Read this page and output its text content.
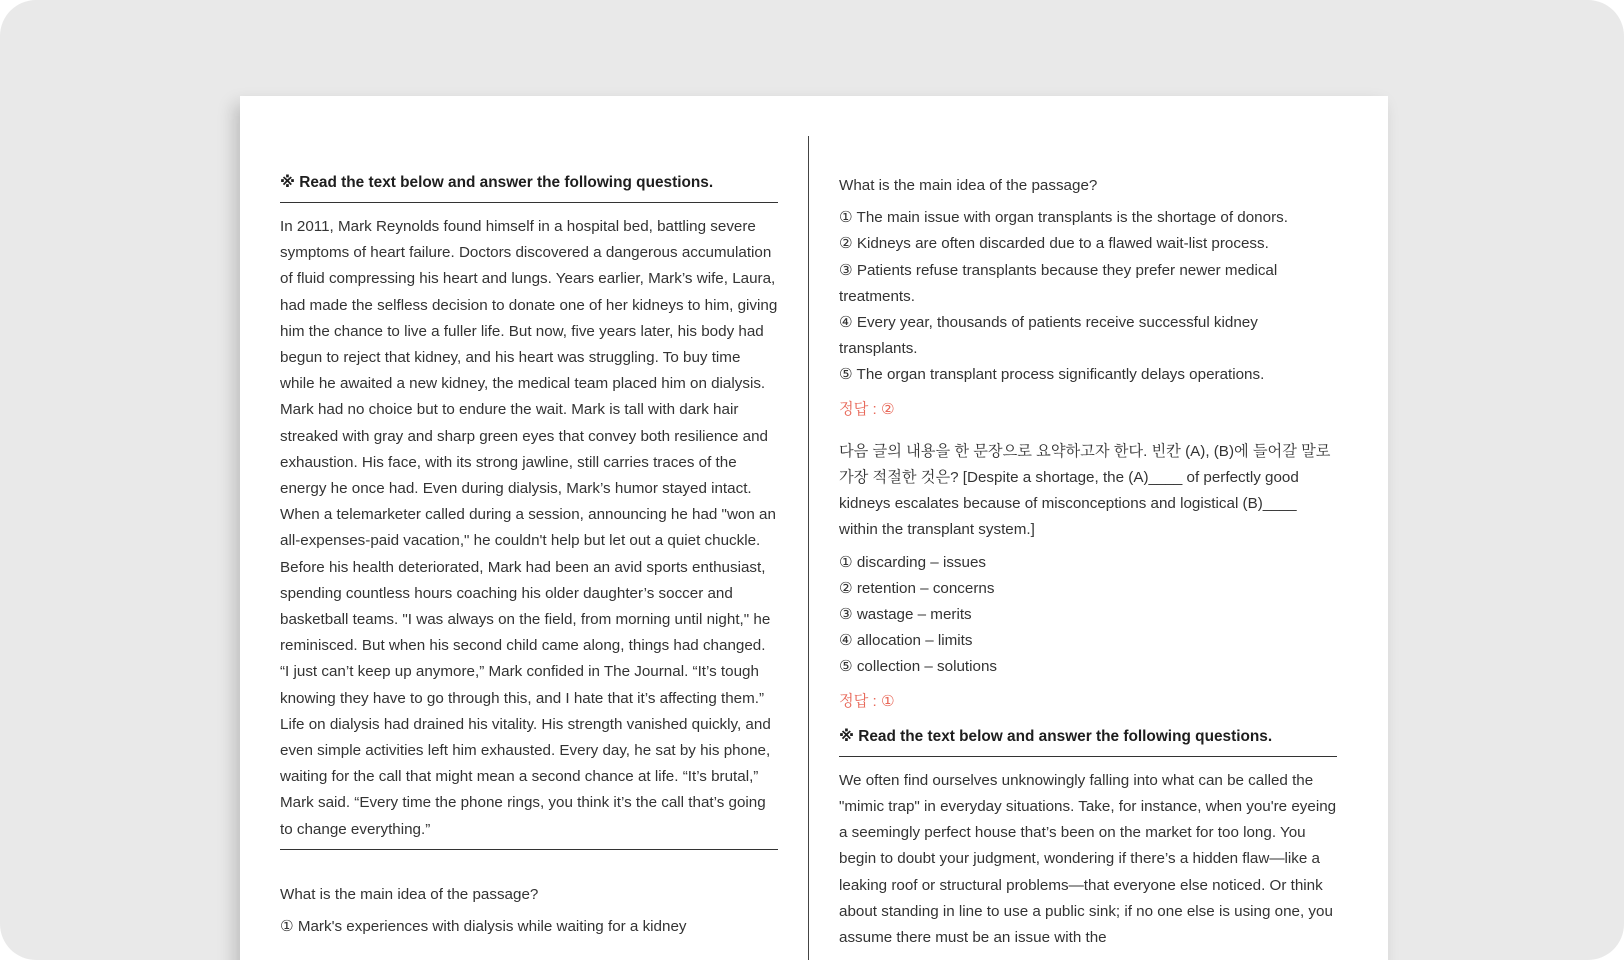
※ Read the text below and answer the following questions.

In 2011, Mark Reynolds found himself in a hospital bed, battling severe symptoms of heart failure. Doctors discovered a dangerous accumulation of fluid compressing his heart and lungs. Years earlier, Mark’s wife, Laura, had made the selfless decision to donate one of her kidneys to him, giving him the chance to live a fuller life. But now, five years later, his body had begun to reject that kidney, and his heart was struggling. To buy time while he awaited a new kidney, the medical team placed him on dialysis. Mark had no choice but to endure the wait. Mark is tall with dark hair streaked with gray and sharp green eyes that convey both resilience and exhaustion. His face, with its strong jawline, still carries traces of the energy he once had. Even during dialysis, Mark’s humor stayed intact. When a telemarketer called during a session, announcing he had "won an all-expenses-paid vacation," he couldn't help but let out a quiet chuckle. Before his health deteriorated, Mark had been an avid sports enthusiast, spending countless hours coaching his older daughter’s soccer and basketball teams. "I was always on the field, from morning until night," he reminisced. But when his second child came along, things had changed. “I just can’t keep up anymore,” Mark confided in The Journal. “It’s tough knowing they have to go through this, and I hate that it’s affecting them.” Life on dialysis had drained his vitality. His strength vanished quickly, and even simple activities left him exhausted. Every day, he sat by his phone, waiting for the call that might mean a second chance at life. “It’s brutal,” Mark said. “Every time the phone rings, you think it’s the call that’s going to change everything.”

What is the main idea of the passage?

① Mark's experiences with dialysis while waiting for a kidney

What is the main idea of the passage?

① The main issue with organ transplants is the shortage of donors.
② Kidneys are often discarded due to a flawed wait-list process.
③ Patients refuse transplants because they prefer newer medical treatments.
④ Every year, thousands of patients receive successful kidney transplants.
⑤ The organ transplant process significantly delays operations.
정답 : ②

다음 글의 내용을 한 문장으로 요약하고자 한다. 빈칸 (A), (B)에 들어갈 말로 가장 적절한 것은? [Despite a shortage, the (A)____ of perfectly good kidneys escalates because of misconceptions and logistical (B)____ within the transplant system.]

① discarding – issues
② retention – concerns
③ wastage – merits
④ allocation – limits
⑤ collection – solutions
정답 : ①
※ Read the text below and answer the following questions.

We often find ourselves unknowingly falling into what can be called the "mimic trap" in everyday situations. Take, for instance, when you're eyeing a seemingly perfect house that’s been on the market for too long. You begin to doubt your judgment, wondering if there’s a hidden flaw—like a leaking roof or structural problems—that everyone else noticed. Or think about standing in line to use a public sink; if no one else is using one, you assume there must be an issue with the
